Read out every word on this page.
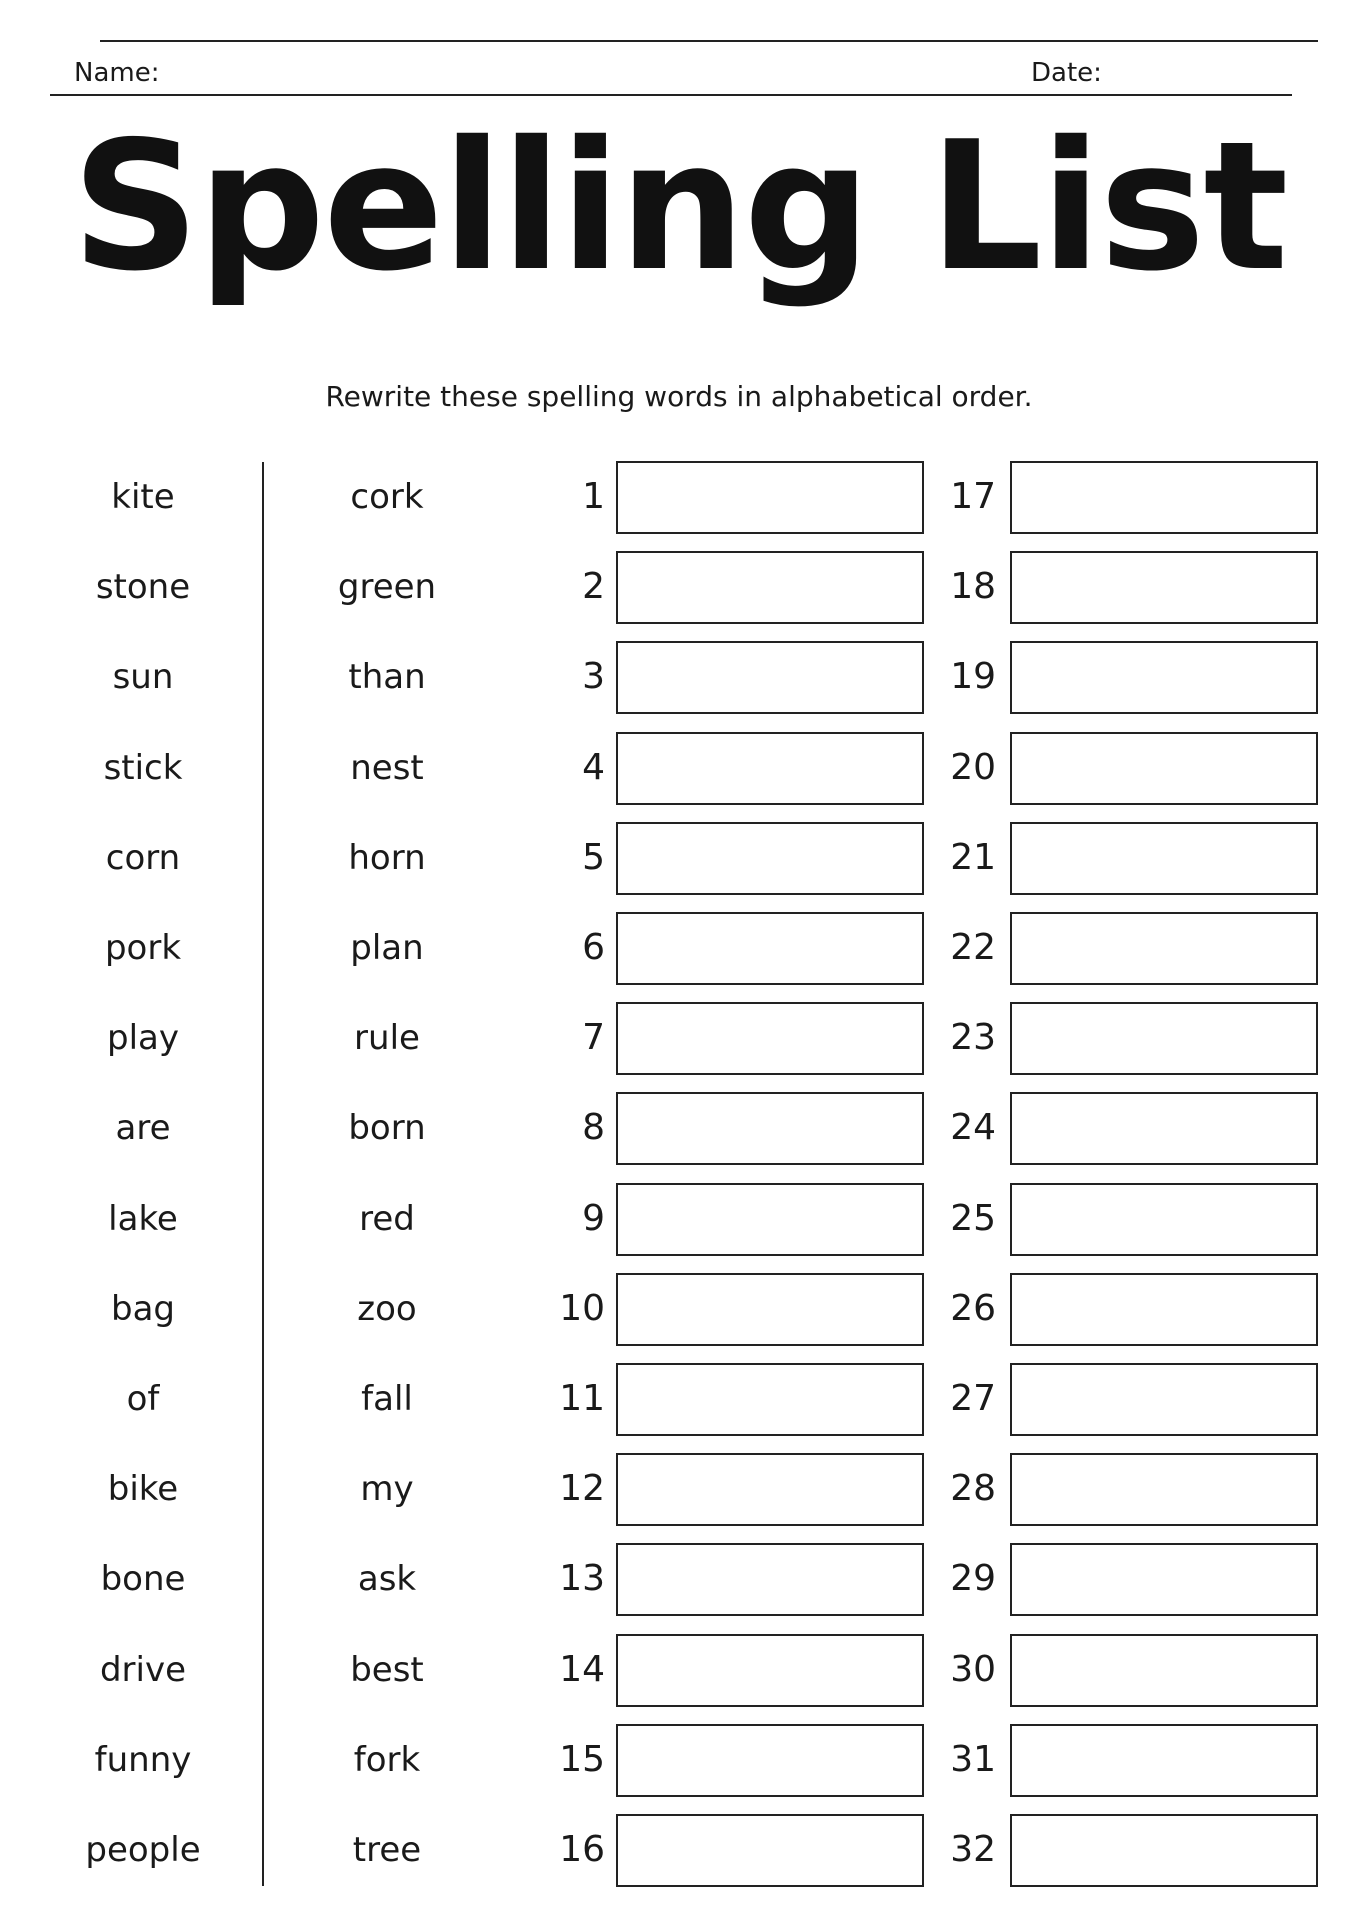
Name:	Date:
Spelling List
Rewrite these spelling words in alphabetical order.
kite	cork	1	17
stone	green	2	18
sun	than	3	19
stick	nest	4	20
corn	horn	5	21
pork	plan	6	22
play	rule	7	23
are	born	8	24
lake	red	9	25
bag	zoo	10	26
of	fall	11	27
bike	my	12	28
bone	ask	13	29
drive	best	14	30
funny	fork	15	31
people	tree	16	32
